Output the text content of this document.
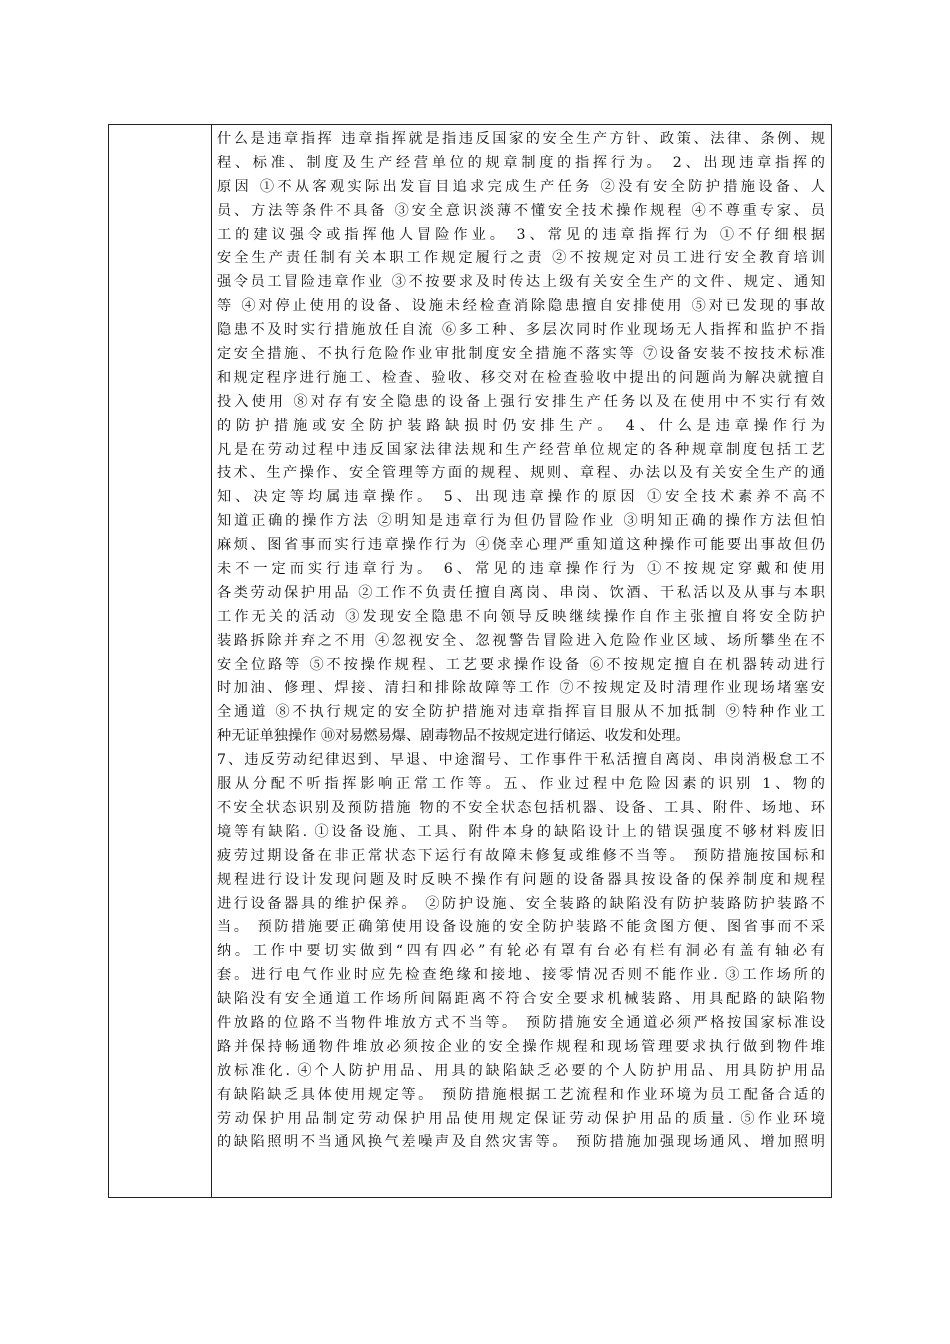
什么是违章指挥 违章指挥就是指违反国家的安全生产方针、政策、法律、条例、规
程、标准、制度及生产经营单位的规章制度的指挥行为。 2、出现违章指挥的
原因 ①不从客观实际出发盲目追求完成生产任务 ②没有安全防护措施设备、人
员、方法等条件不具备 ③安全意识淡薄不懂安全技术操作规程 ④不尊重专家、员
工的建议强令或指挥他人冒险作业。 3、常见的违章指挥行为 ①不仔细根据
安全生产责任制有关本职工作规定履行之责 ②不按规定对员工进行安全教育培训
强令员工冒险违章作业 ③不按要求及时传达上级有关安全生产的文件、规定、通知
等 ④对停止使用的设备、设施未经检查消除隐患擅自安排使用 ⑤对已发现的事故
隐患不及时实行措施放任自流 ⑥多工种、多层次同时作业现场无人指挥和监护不指
定安全措施、不执行危险作业审批制度安全措施不落实等 ⑦设备安装不按技术标准
和规定程序进行施工、检查、验收、移交对在检查验收中提出的问题尚为解决就擅自
投入使用 ⑧对存有安全隐患的设备上强行安排生产任务以及在使用中不实行有效
的防护措施或安全防护装路缺损时仍安排生产。 4、什么是违章操作行为
凡是在劳动过程中违反国家法律法规和生产经营单位规定的各种规章制度包括工艺
技术、生产操作、安全管理等方面的规程、规则、章程、办法以及有关安全生产的通
知、决定等均属违章操作。 5、出现违章操作的原因 ①安全技术素养不高不
知道正确的操作方法 ②明知是违章行为但仍冒险作业 ③明知正确的操作方法但怕
麻烦、图省事而实行违章操作行为 ④侥幸心理严重知道这种操作可能要出事故但仍
未不一定而实行违章行为。 6、常见的违章操作行为 ①不按规定穿戴和使用
各类劳动保护用品 ②工作不负责任擅自离岗、串岗、饮酒、干私活以及从事与本职
工作无关的活动 ③发现安全隐患不向领导反映继续操作自作主张擅自将安全防护
装路拆除并弃之不用 ④忽视安全、忽视警告冒险进入危险作业区域、场所攀坐在不
安全位路等 ⑤不按操作规程、工艺要求操作设备 ⑥不按规定擅自在机器转动进行
时加油、修理、焊接、清扫和排除故障等工作 ⑦不按规定及时清理作业现场堵塞安
全通道 ⑧不执行规定的安全防护措施对违章指挥盲目服从不加抵制 ⑨特种作业工
种无证单独操作 ⑩对易燃易爆、剧毒物品不按规定进行储运、收发和处理。
7、违反劳动纪律迟到、早退、中途溜号、工作事件干私活擅自离岗、串岗消极怠工不
服从分配不听指挥影响正常工作等。五、作业过程中危险因素的识别 1、物的
不安全状态识别及预防措施 物的不安全状态包括机器、设备、工具、附件、场地、环
境等有缺陷. ①设备设施、工具、附件本身的缺陷设计上的错误强度不够材料废旧
疲劳过期设备在非正常状态下运行有故障未修复或维修不当等。 预防措施按国标和
规程进行设计发现问题及时反映不操作有问题的设备器具按设备的保养制度和规程
进行设备器具的维护保养。 ②防护设施、安全装路的缺陷没有防护装路防护装路不
当。 预防措施要正确第使用设备设施的安全防护装路不能贪图方便、图省事而不采
纳。工作中要切实做到“四有四必”有轮必有罩有台必有栏有洞必有盖有轴必有
套。进行电气作业时应先检查绝缘和接地、接零情况否则不能作业. ③工作场所的
缺陷没有安全通道工作场所间隔距离不符合安全要求机械装路、用具配路的缺陷物
件放路的位路不当物件堆放方式不当等。 预防措施安全通道必须严格按国家标准设
路并保持畅通物件堆放必须按企业的安全操作规程和现场管理要求执行做到物件堆
放标准化. ④个人防护用品、用具的缺陷缺乏必要的个人防护用品、用具防护用品
有缺陷缺乏具体使用规定等。 预防措施根据工艺流程和作业环境为员工配备合适的
劳动保护用品制定劳动保护用品使用规定保证劳动保护用品的质量. ⑤作业环境
的缺陷照明不当通风换气差噪声及自然灾害等。 预防措施加强现场通风、增加照明
